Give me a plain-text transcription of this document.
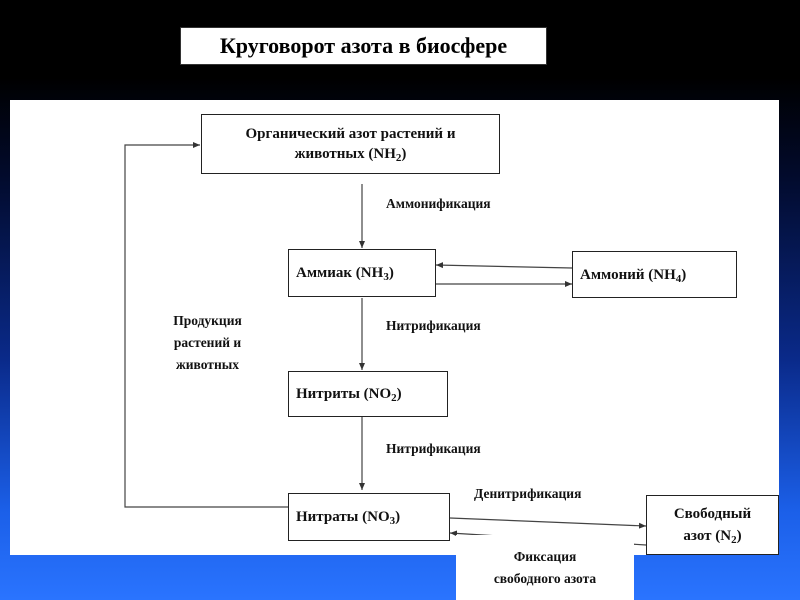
Круговорот азота в биосфере
Органический азот растений и
животных $(NH_2)$
Аммиак $(NH_3)$	Аммоний $(NH_4)$
Нитриты $(NO_2)$
Нитраты $(NO_3)$	Свободный
азот $(N_2)$
Аммонификация
Нитрификация
Нитрификация
Денитрификация
Продукция
растений и
животных
Фиксация
свободного азота
